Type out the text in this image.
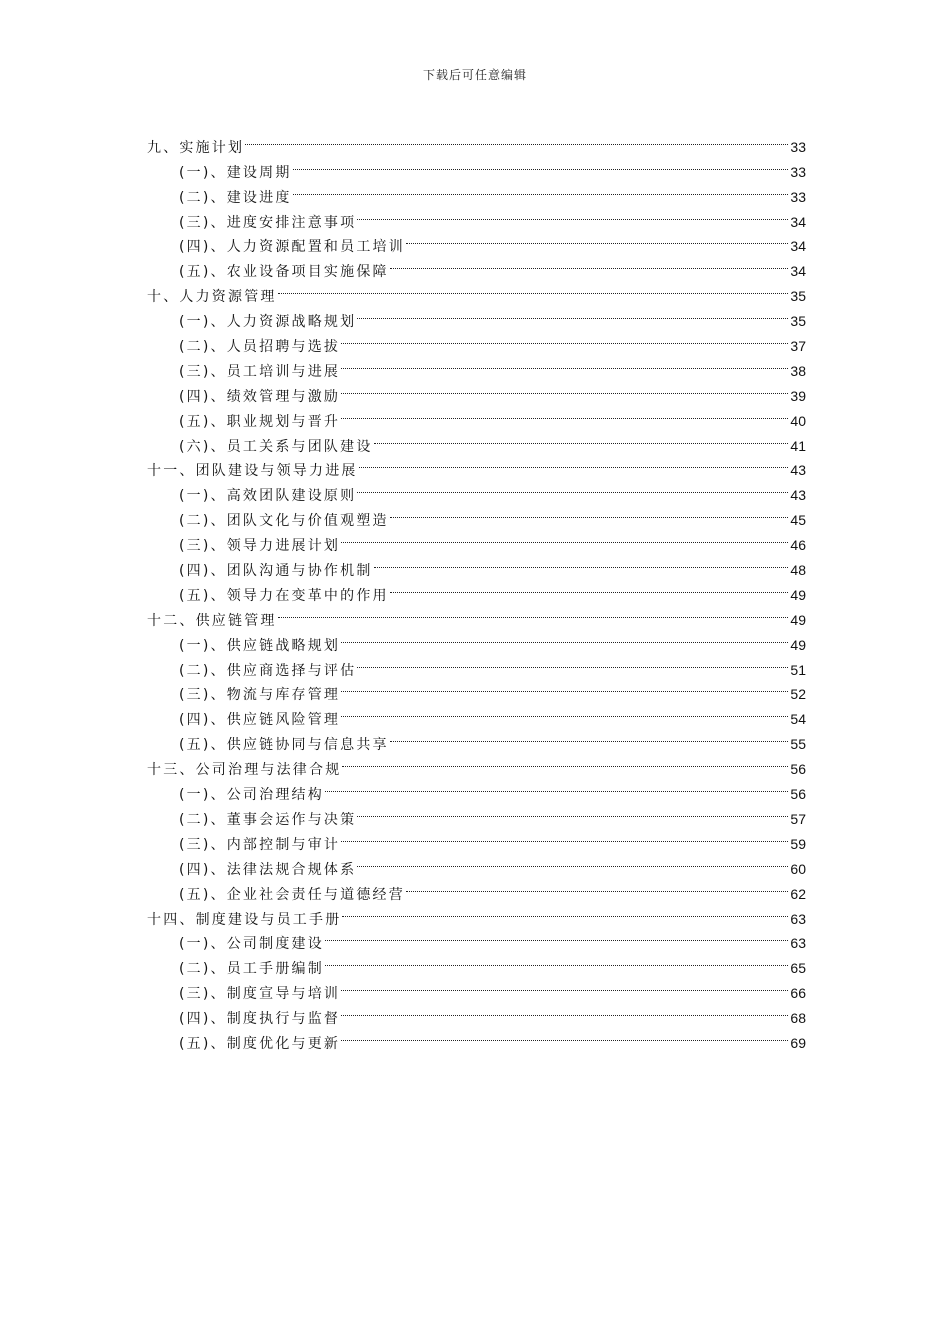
下载后可任意编辑
九、实施计划	33
(一)、建设周期	33
(二)、建设进度	33
(三)、进度安排注意事项	34
(四)、人力资源配置和员工培训	34
(五)、农业设备项目实施保障	34
十、人力资源管理	35
(一)、人力资源战略规划	35
(二)、人员招聘与选拔	37
(三)、员工培训与进展	38
(四)、绩效管理与激励	39
(五)、职业规划与晋升	40
(六)、员工关系与团队建设	41
十一、团队建设与领导力进展	43
(一)、高效团队建设原则	43
(二)、团队文化与价值观塑造	45
(三)、领导力进展计划	46
(四)、团队沟通与协作机制	48
(五)、领导力在变革中的作用	49
十二、供应链管理	49
(一)、供应链战略规划	49
(二)、供应商选择与评估	51
(三)、物流与库存管理	52
(四)、供应链风险管理	54
(五)、供应链协同与信息共享	55
十三、公司治理与法律合规	56
(一)、公司治理结构	56
(二)、董事会运作与决策	57
(三)、内部控制与审计	59
(四)、法律法规合规体系	60
(五)、企业社会责任与道德经营	62
十四、制度建设与员工手册	63
(一)、公司制度建设	63
(二)、员工手册编制	65
(三)、制度宣导与培训	66
(四)、制度执行与监督	68
(五)、制度优化与更新	69
